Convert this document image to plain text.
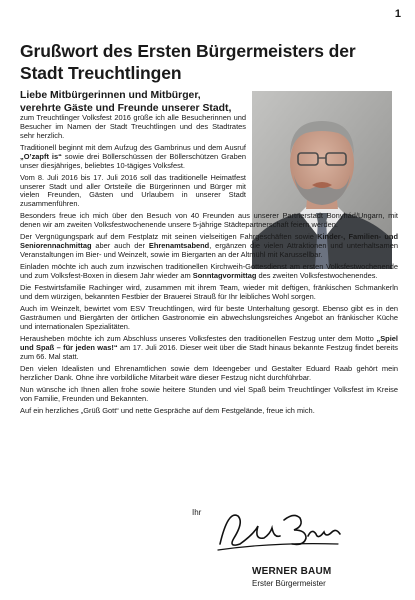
1
Grußwort des Ersten Bürgermeisters der Stadt Treuchtlingen
Liebe Mitbürgerinnen und Mitbürger, verehrte Gäste und Freunde unserer Stadt,

zum Treuchtlinger Volksfest 2016 grüße ich alle Besucherinnen und Besucher im Namen der Stadt Treuchtlingen und des Stadtrates sehr herzlich.

Traditionell beginnt mit dem Aufzug des Gambrinus und dem Ausruf „O’zapft is“ sowie drei Böllerschüssen der Böllerschützen Graben unser diesjähriges, beliebtes 10-tägiges Volksfest.

Vom 8. Juli 2016 bis 17. Juli 2016 soll das traditionelle Heimatfest unserer Stadt und aller Ortsteile die Bürgerinnen und Bürger mit vielen Freunden, Gästen und Urlaubern in unserer Stadt zusammenführen.

Besonders freue ich mich über den Besuch von 40 Freunden aus unserer Partnerstadt Bonyhád/Ungarn, mit denen wir am zweiten Volksfestwochenende unsere 5-jährige Städtepartnerschaft feiern werden.

Der Vergnügungspark auf dem Festplatz mit seinen vielseitigen Fahrgeschäften sowie Kinder-, Familien- und Seniorennachmittag aber auch der Ehrenamtsabend, ergänzen die vielen Attraktionen und unterhaltsamen Veranstaltungen im Bier- und Weinzelt, sowie im Biergarten an der Altmühl mit Karussellbar.

Einladen möchte ich auch zum inzwischen traditionellen Kirchweih-Gottesdienst am ersten Volksfestwochenende und zum Volksfest-Boxen in diesem Jahr wieder am Sonntagvormittag des zweiten Volksfestwochenendes.

Die Festwirtsfamilie Rachinger wird, zusammen mit ihrem Team, wieder mit deftigen, fränkischen Schmankerln und dem würzigen, bekannten Festbier der Brauerei Strauß für Ihr leibliches Wohl sorgen.

Auch im Weinzelt, bewirtet vom ESV Treuchtlingen, wird für beste Unterhaltung gesorgt. Ebenso gibt es in den Gasträumen und Biergärten der örtlichen Gastronomie ein abwechslungsreiches Angebot an fränkischer Küche und internationalen Spezialitäten.

Herausheben möchte ich zum Abschluss unseres Volksfestes den traditionellen Festzug unter dem Motto „Spiel und Spaß – für jeden was!“ am 17. Juli 2016. Dieser weit über die Stadt hinaus bekannte Festzug findet bereits zum 66. Mal statt.

Den vielen Idealisten und Ehrenamtlichen sowie dem Ideengeber und Gestalter Eduard Raab gehört mein herzlicher Dank. Ohne ihre vorbildliche Mitarbeit wäre dieser Festzug nicht durchführbar.

Nun wünsche ich Ihnen allen frohe sowie heitere Stunden und viel Spaß beim Treuchtlinger Volksfest im Kreise von Familie, Freunden und Bekannten.

Auf ein herzliches „Grüß Gott“ und nette Gespräche auf dem Festgelände, freue ich mich.

Ihr
WERNER BAUM
Erster Bürgermeister
